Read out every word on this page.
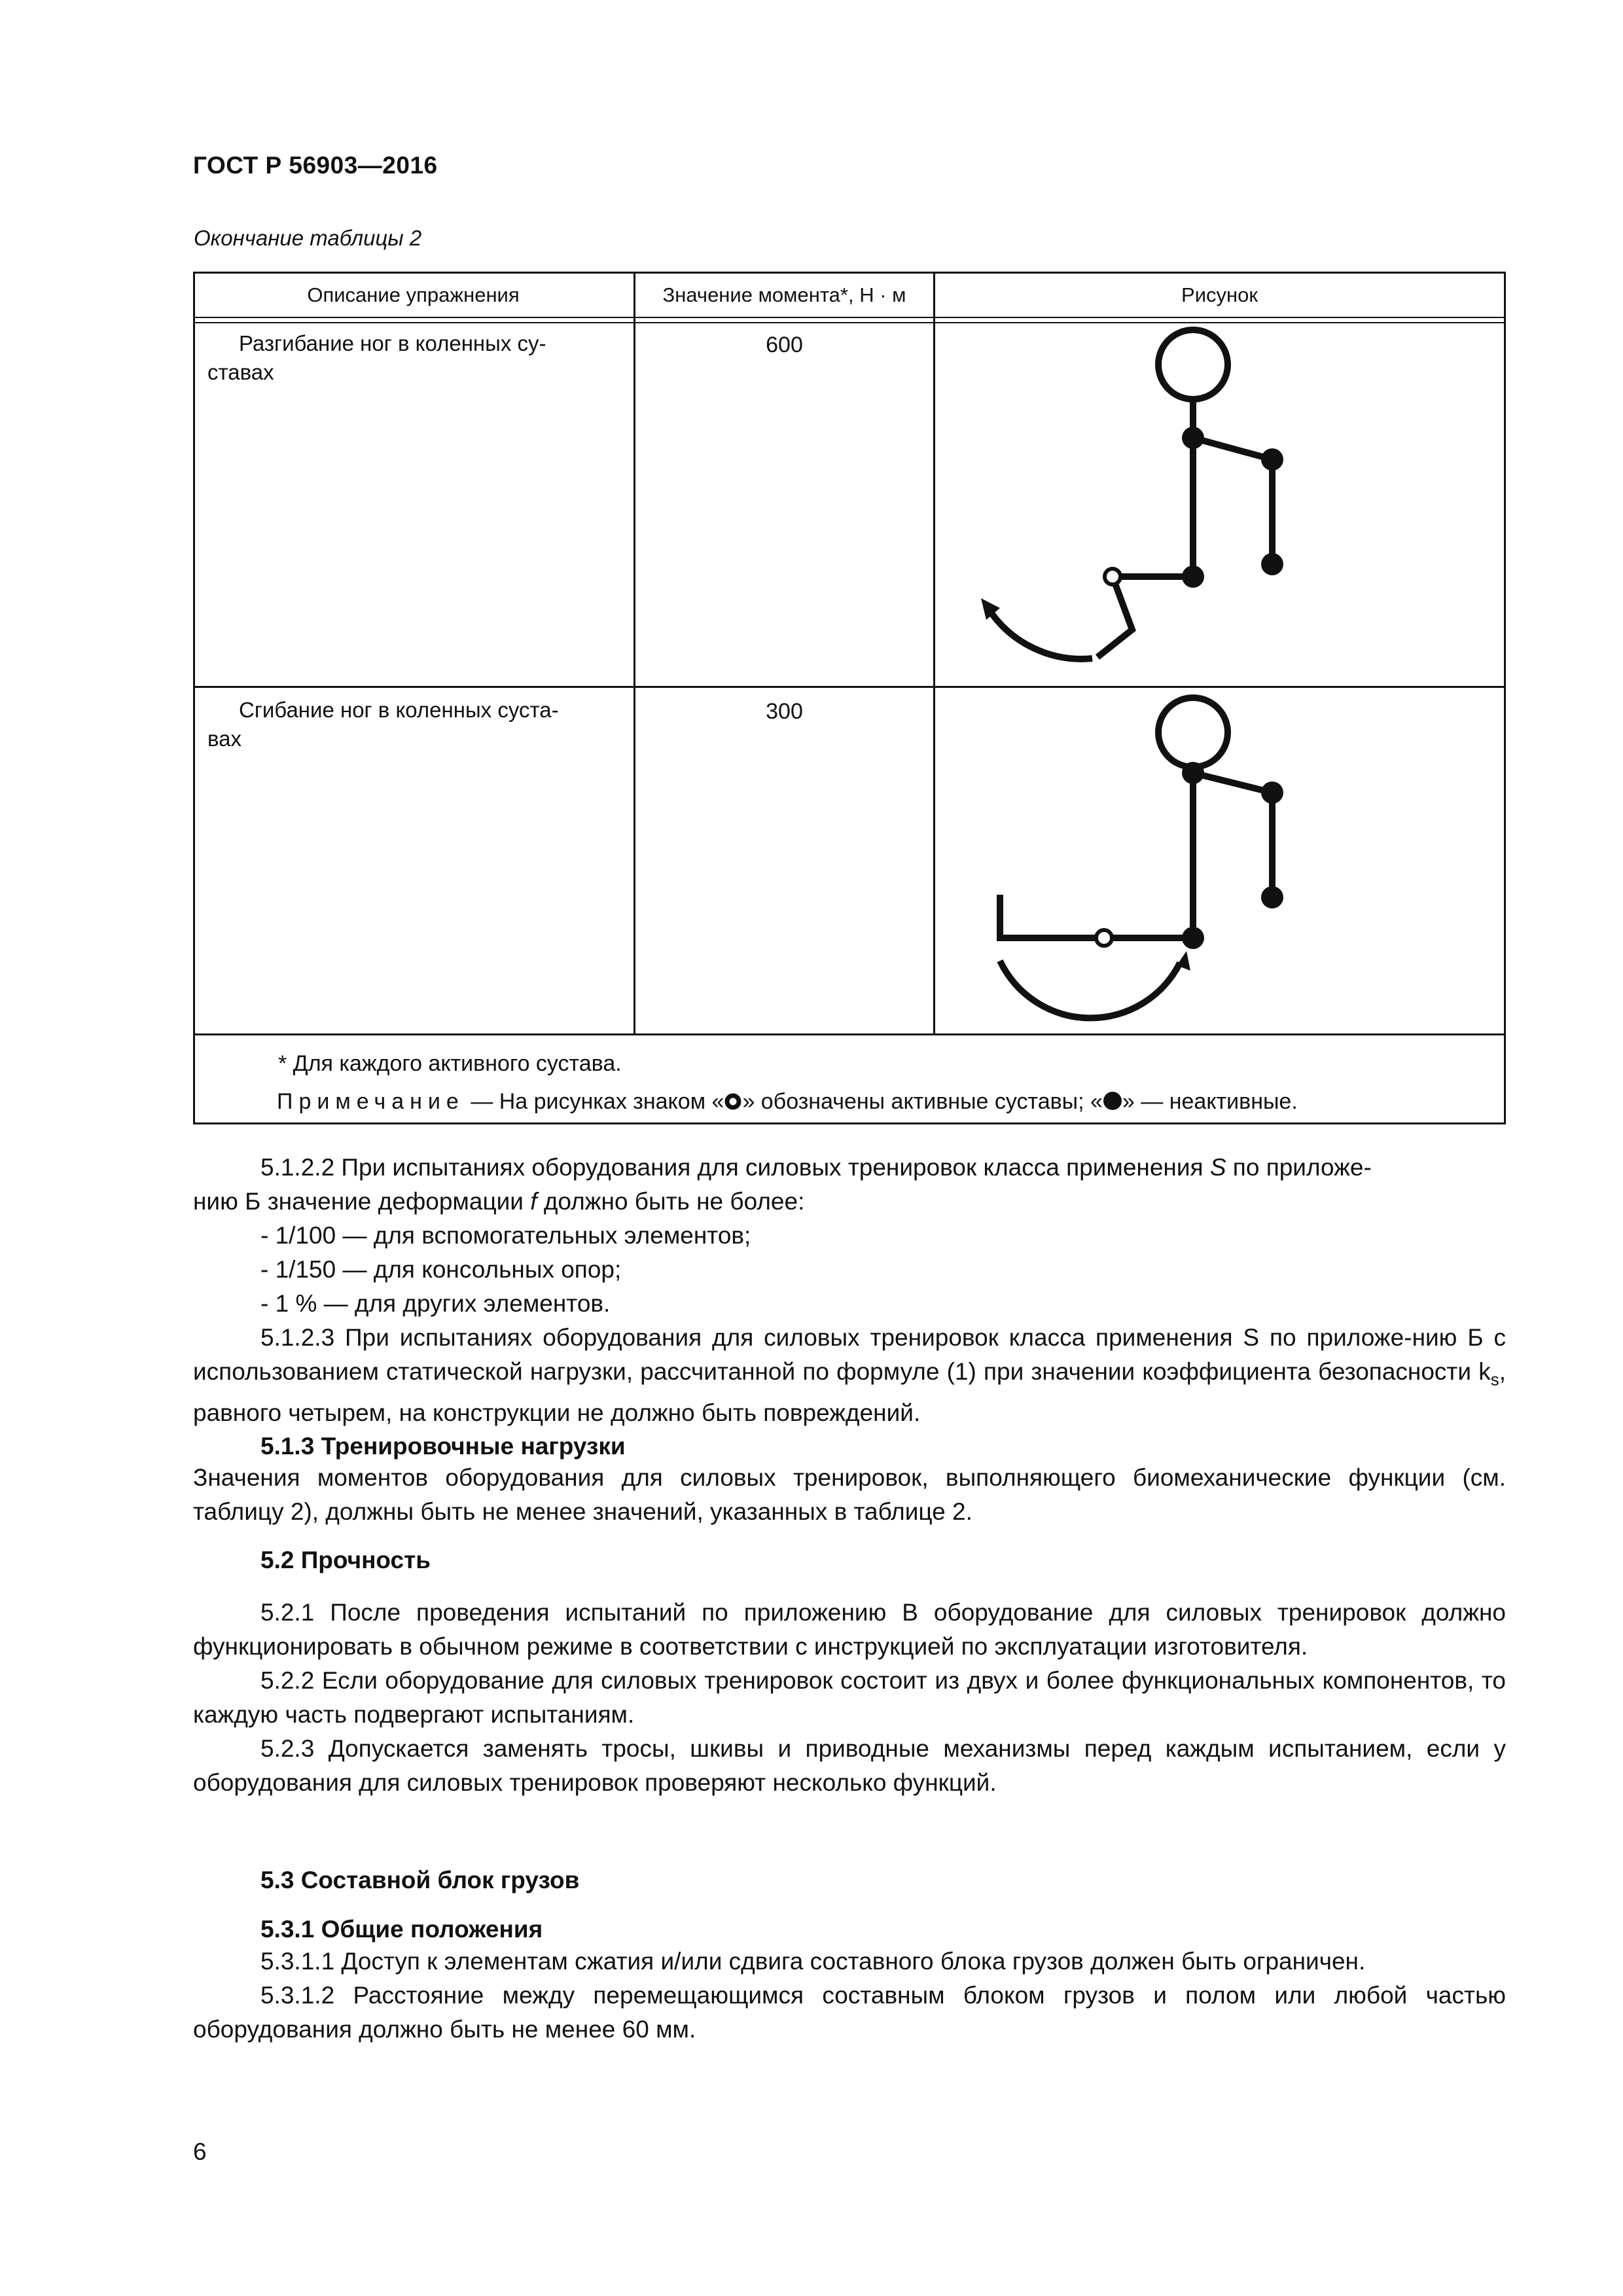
ГОСТ Р 56903—2016
Окончание таблицы 2
Описание упражнения	Значение момента*, Н · м	Рисунок
Разгибание ног в коленных су-
ставах
600
Сгибание ног в коленных суста-
вах
300
* Для каждого активного сустава.
Примечание — На рисунках знаком « » обозначены активные суставы; « » — неактивные.

5.1.2.2 При испытаниях оборудования для силовых тренировок класса применения S по приложе-

нию Б значение деформации f должно быть не более:

- 1/100 — для вспомогательных элементов;

- 1/150 — для консольных опор;

- 1 % — для других элементов.

5.1.2.3 При испытаниях оборудования для силовых тренировок класса применения S по приложе-нию Б с использованием статической нагрузки, рассчитанной по формуле (1) при значении коэффициента безопасности $k_s$, равного четырем, на конструкции не должно быть повреждений.

5.1.3 Тренировочные нагрузки

Значения моментов оборудования для силовых тренировок, выполняющего биомеханические функции (см. таблицу 2), должны быть не менее значений, указанных в таблице 2.

5.2 Прочность

5.2.1 После проведения испытаний по приложению В оборудование для силовых тренировок должно функционировать в обычном режиме в соответствии с инструкцией по эксплуатации изготовителя.

5.2.2 Если оборудование для силовых тренировок состоит из двух и более функциональных компонентов, то каждую часть подвергают испытаниям.

5.2.3 Допускается заменять тросы, шкивы и приводные механизмы перед каждым испытанием, если у оборудования для силовых тренировок проверяют несколько функций.

5.3 Составной блок грузов
5.3.1 Общие положения

5.3.1.1 Доступ к элементам сжатия и/или сдвига составного блока грузов должен быть ограничен.

5.3.1.2 Расстояние между перемещающимся составным блоком грузов и полом или любой частью оборудования должно быть не менее 60 мм.

6
